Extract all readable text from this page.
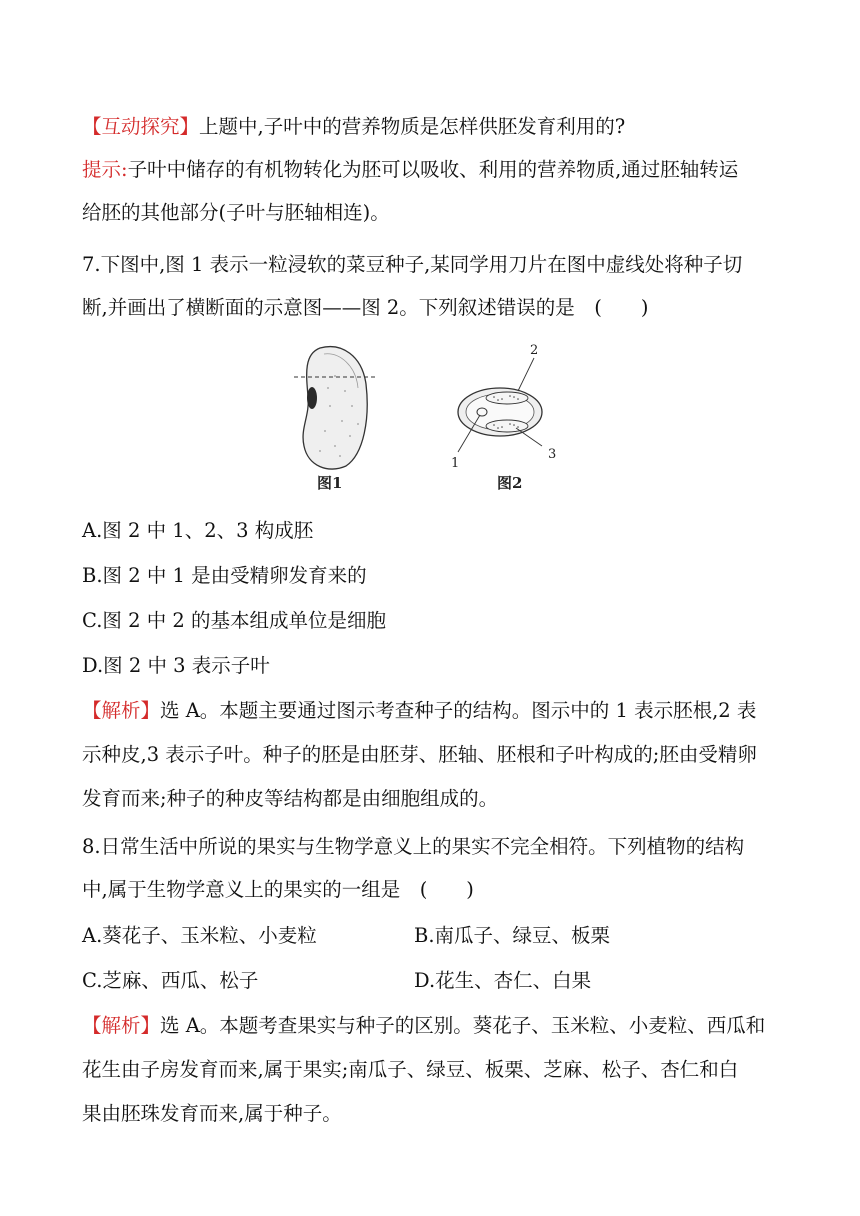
【互动探究】上题中,子叶中的营养物质是怎样供胚发育利用的?
提示:子叶中储存的有机物转化为胚可以吸收、利用的营养物质,通过胚轴转运
给胚的其他部分(子叶与胚轴相连)。
7.下图中,图 1 表示一粒浸软的菜豆种子,某同学用刀片在图中虚线处将种子切
断,并画出了横断面的示意图——图 2。下列叙述错误的是　(　　)
1
2
3
图1	图2
A.图 2 中 1、2、3 构成胚
B.图 2 中 1 是由受精卵发育来的
C.图 2 中 2 的基本组成单位是细胞
D.图 2 中 3 表示子叶
【解析】选 A。本题主要通过图示考查种子的结构。图示中的 1 表示胚根,2 表
示种皮,3 表示子叶。种子的胚是由胚芽、胚轴、胚根和子叶构成的;胚由受精卵
发育而来;种子的种皮等结构都是由细胞组成的。
8.日常生活中所说的果实与生物学意义上的果实不完全相符。下列植物的结构
中,属于生物学意义上的果实的一组是　(　　)
A.葵花子、玉米粒、小麦粒	B.南瓜子、绿豆、板栗
C.芝麻、西瓜、松子	D.花生、杏仁、白果
【解析】选 A。本题考查果实与种子的区别。葵花子、玉米粒、小麦粒、西瓜和
花生由子房发育而来,属于果实;南瓜子、绿豆、板栗、芝麻、松子、杏仁和白
果由胚珠发育而来,属于种子。
